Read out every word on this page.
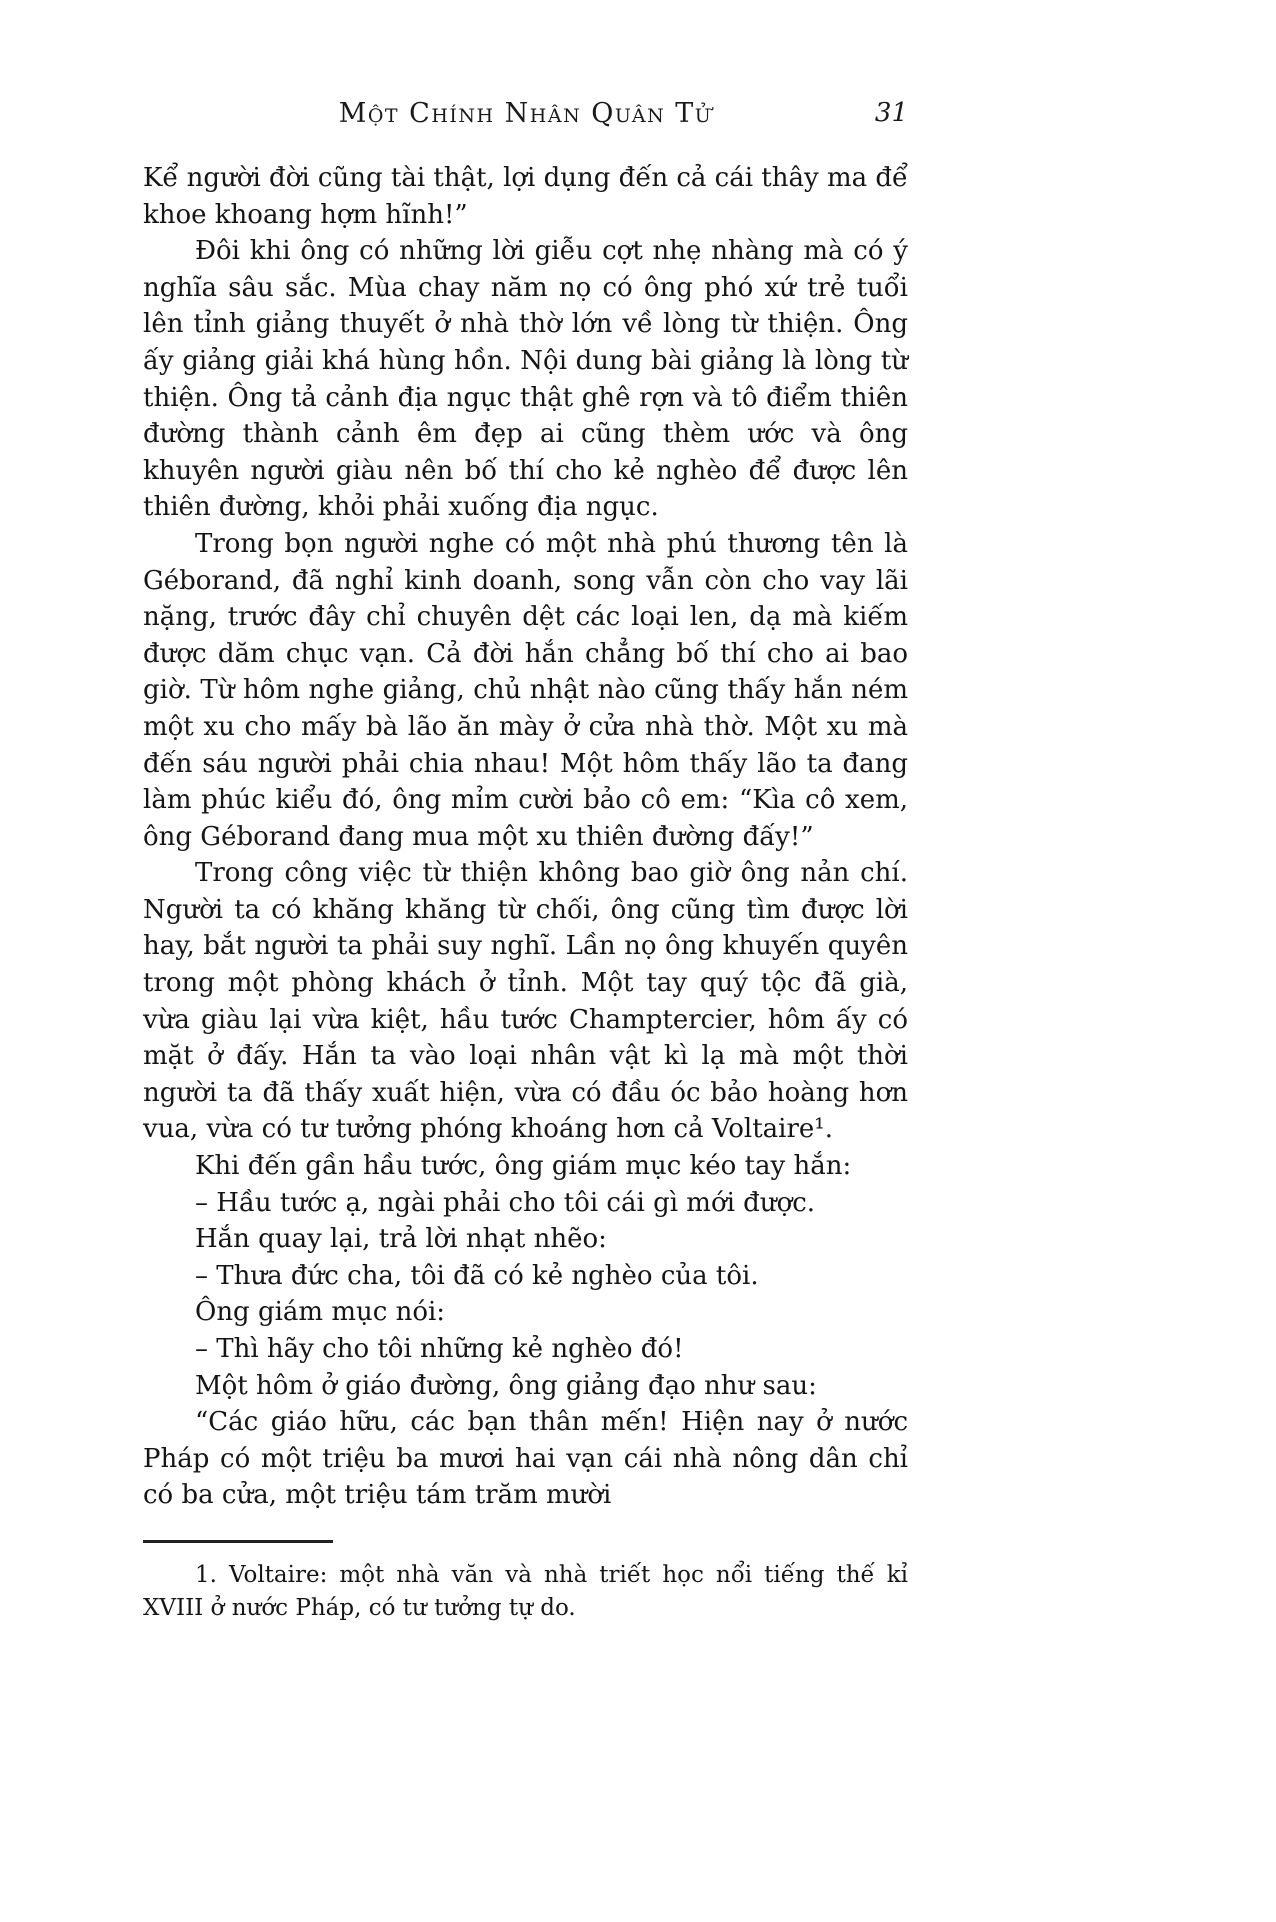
Một Chính Nhân Quân Tử	31

Kể người đời cũng tài thật, lợi dụng đến cả cái thây ma để khoe khoang hợm hĩnh!”

Đôi khi ông có những lời giễu cợt nhẹ nhàng mà có ý nghĩa sâu sắc. Mùa chay năm nọ có ông phó xứ trẻ tuổi lên tỉnh giảng thuyết ở nhà thờ lớn về lòng từ thiện. Ông ấy giảng giải khá hùng hồn. Nội dung bài giảng là lòng từ thiện. Ông tả cảnh địa ngục thật ghê rợn và tô điểm thiên đường thành cảnh êm đẹp ai cũng thèm ước và ông khuyên người giàu nên bố thí cho kẻ nghèo để được lên thiên đường, khỏi phải xuống địa ngục.

Trong bọn người nghe có một nhà phú thương tên là Géborand, đã nghỉ kinh doanh, song vẫn còn cho vay lãi nặng, trước đây chỉ chuyên dệt các loại len, dạ mà kiếm được dăm chục vạn. Cả đời hắn chẳng bố thí cho ai bao giờ. Từ hôm nghe giảng, chủ nhật nào cũng thấy hắn ném một xu cho mấy bà lão ăn mày ở cửa nhà thờ. Một xu mà đến sáu người phải chia nhau! Một hôm thấy lão ta đang làm phúc kiểu đó, ông mỉm cười bảo cô em: “Kìa cô xem, ông Géborand đang mua một xu thiên đường đấy!”

Trong công việc từ thiện không bao giờ ông nản chí. Người ta có khăng khăng từ chối, ông cũng tìm được lời hay, bắt người ta phải suy nghĩ. Lần nọ ông khuyến quyên trong một phòng khách ở tỉnh. Một tay quý tộc đã già, vừa giàu lại vừa kiệt, hầu tước Champtercier, hôm ấy có mặt ở đấy. Hắn ta vào loại nhân vật kì lạ mà một thời người ta đã thấy xuất hiện, vừa có đầu óc bảo hoàng hơn vua, vừa có tư tưởng phóng khoáng hơn cả Voltaire¹.

Khi đến gần hầu tước, ông giám mục kéo tay hắn:

– Hầu tước ạ, ngài phải cho tôi cái gì mới được.

Hắn quay lại, trả lời nhạt nhẽo:

– Thưa đức cha, tôi đã có kẻ nghèo của tôi.

Ông giám mục nói:

– Thì hãy cho tôi những kẻ nghèo đó!

Một hôm ở giáo đường, ông giảng đạo như sau:

“Các giáo hữu, các bạn thân mến! Hiện nay ở nước Pháp có một triệu ba mươi hai vạn cái nhà nông dân chỉ có ba cửa, một triệu tám trăm mười

1. Voltaire: một nhà văn và nhà triết học nổi tiếng thế kỉ XVIII ở nước Pháp, có tư tưởng tự do.
